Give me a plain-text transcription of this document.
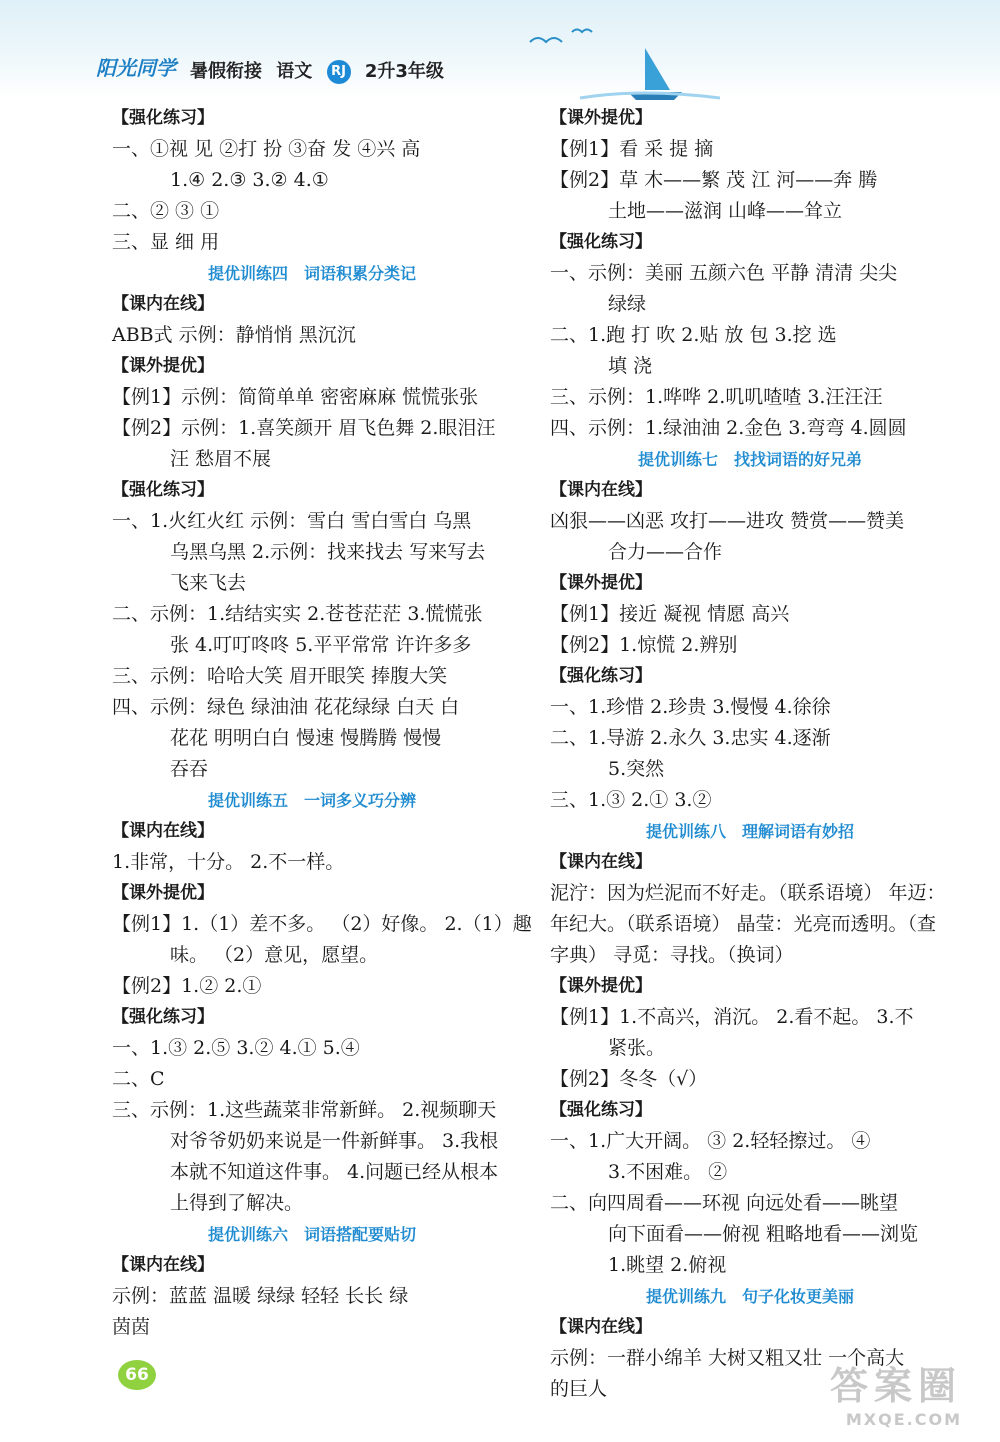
阳光同学 暑假衔接 语文 RJ 2升3年级
【强化练习】
一、①视 见 ②打 扮 ③奋 发 ④兴 高
1.④ 2.③ 3.② 4.①
二、② ③ ①
三、显 细 用
提优训练四　词语积累分类记
【课内在线】
ABB式 示例：静悄悄 黑沉沉
【课外提优】
【例1】示例：简简单单 密密麻麻 慌慌张张
【例2】示例：1.喜笑颜开 眉飞色舞 2.眼泪汪
汪 愁眉不展
【强化练习】
一、1.火红火红 示例：雪白 雪白雪白 乌黑
乌黑乌黑 2.示例：找来找去 写来写去
飞来飞去
二、示例：1.结结实实 2.苍苍茫茫 3.慌慌张
张 4.叮叮咚咚 5.平平常常 许许多多
三、示例：哈哈大笑 眉开眼笑 捧腹大笑
四、示例：绿色 绿油油 花花绿绿 白天 白
花花 明明白白 慢速 慢腾腾 慢慢
吞吞
提优训练五　一词多义巧分辨
【课内在线】
1.非常，十分。 2.不一样。
【课外提优】
【例1】1.（1）差不多。 （2）好像。 2.（1）趣
味。 （2）意见，愿望。
【例2】1.② 2.①
【强化练习】
一、1.③ 2.⑤ 3.② 4.① 5.④
二、C
三、示例：1.这些蔬菜非常新鲜。 2.视频聊天
对爷爷奶奶来说是一件新鲜事。 3.我根
本就不知道这件事。 4.问题已经从根本
上得到了解决。
提优训练六　词语搭配要贴切
【课内在线】
示例：蓝蓝 温暖 绿绿 轻轻 长长 绿
茵茵
【课外提优】
【例1】看 采 提 摘
【例2】草 木——繁 茂 江 河——奔 腾
土地——滋润 山峰——耸立
【强化练习】
一、示例：美丽 五颜六色 平静 清清 尖尖
绿绿
二、1.跑 打 吹 2.贴 放 包 3.挖 选
填 浇
三、示例：1.哗哗 2.叽叽喳喳 3.汪汪汪
四、示例：1.绿油油 2.金色 3.弯弯 4.圆圆
提优训练七　找找词语的好兄弟
【课内在线】
凶狠——凶恶 攻打——进攻 赞赏——赞美
合力——合作
【课外提优】
【例1】接近 凝视 情愿 高兴
【例2】1.惊慌 2.辨别
【强化练习】
一、1.珍惜 2.珍贵 3.慢慢 4.徐徐
二、1.导游 2.永久 3.忠实 4.逐渐
5.突然
三、1.③ 2.① 3.②
提优训练八　理解词语有妙招
【课内在线】
泥泞：因为烂泥而不好走。（联系语境） 年迈：
年纪大。（联系语境） 晶莹：光亮而透明。（查
字典） 寻觅：寻找。（换词）
【课外提优】
【例1】1.不高兴，消沉。 2.看不起。 3.不
紧张。
【例2】冬冬（√）
【强化练习】
一、1.广大开阔。 ③ 2.轻轻擦过。 ④
3.不困难。 ②
二、向四周看——环视 向远处看——眺望
向下面看——俯视 粗略地看——浏览
1.眺望 2.俯视
提优训练九　句子化妆更美丽
【课内在线】
示例：一群小绵羊 大树又粗又壮 一个高大
的巨人
66	答案圈
MXQE.COM
